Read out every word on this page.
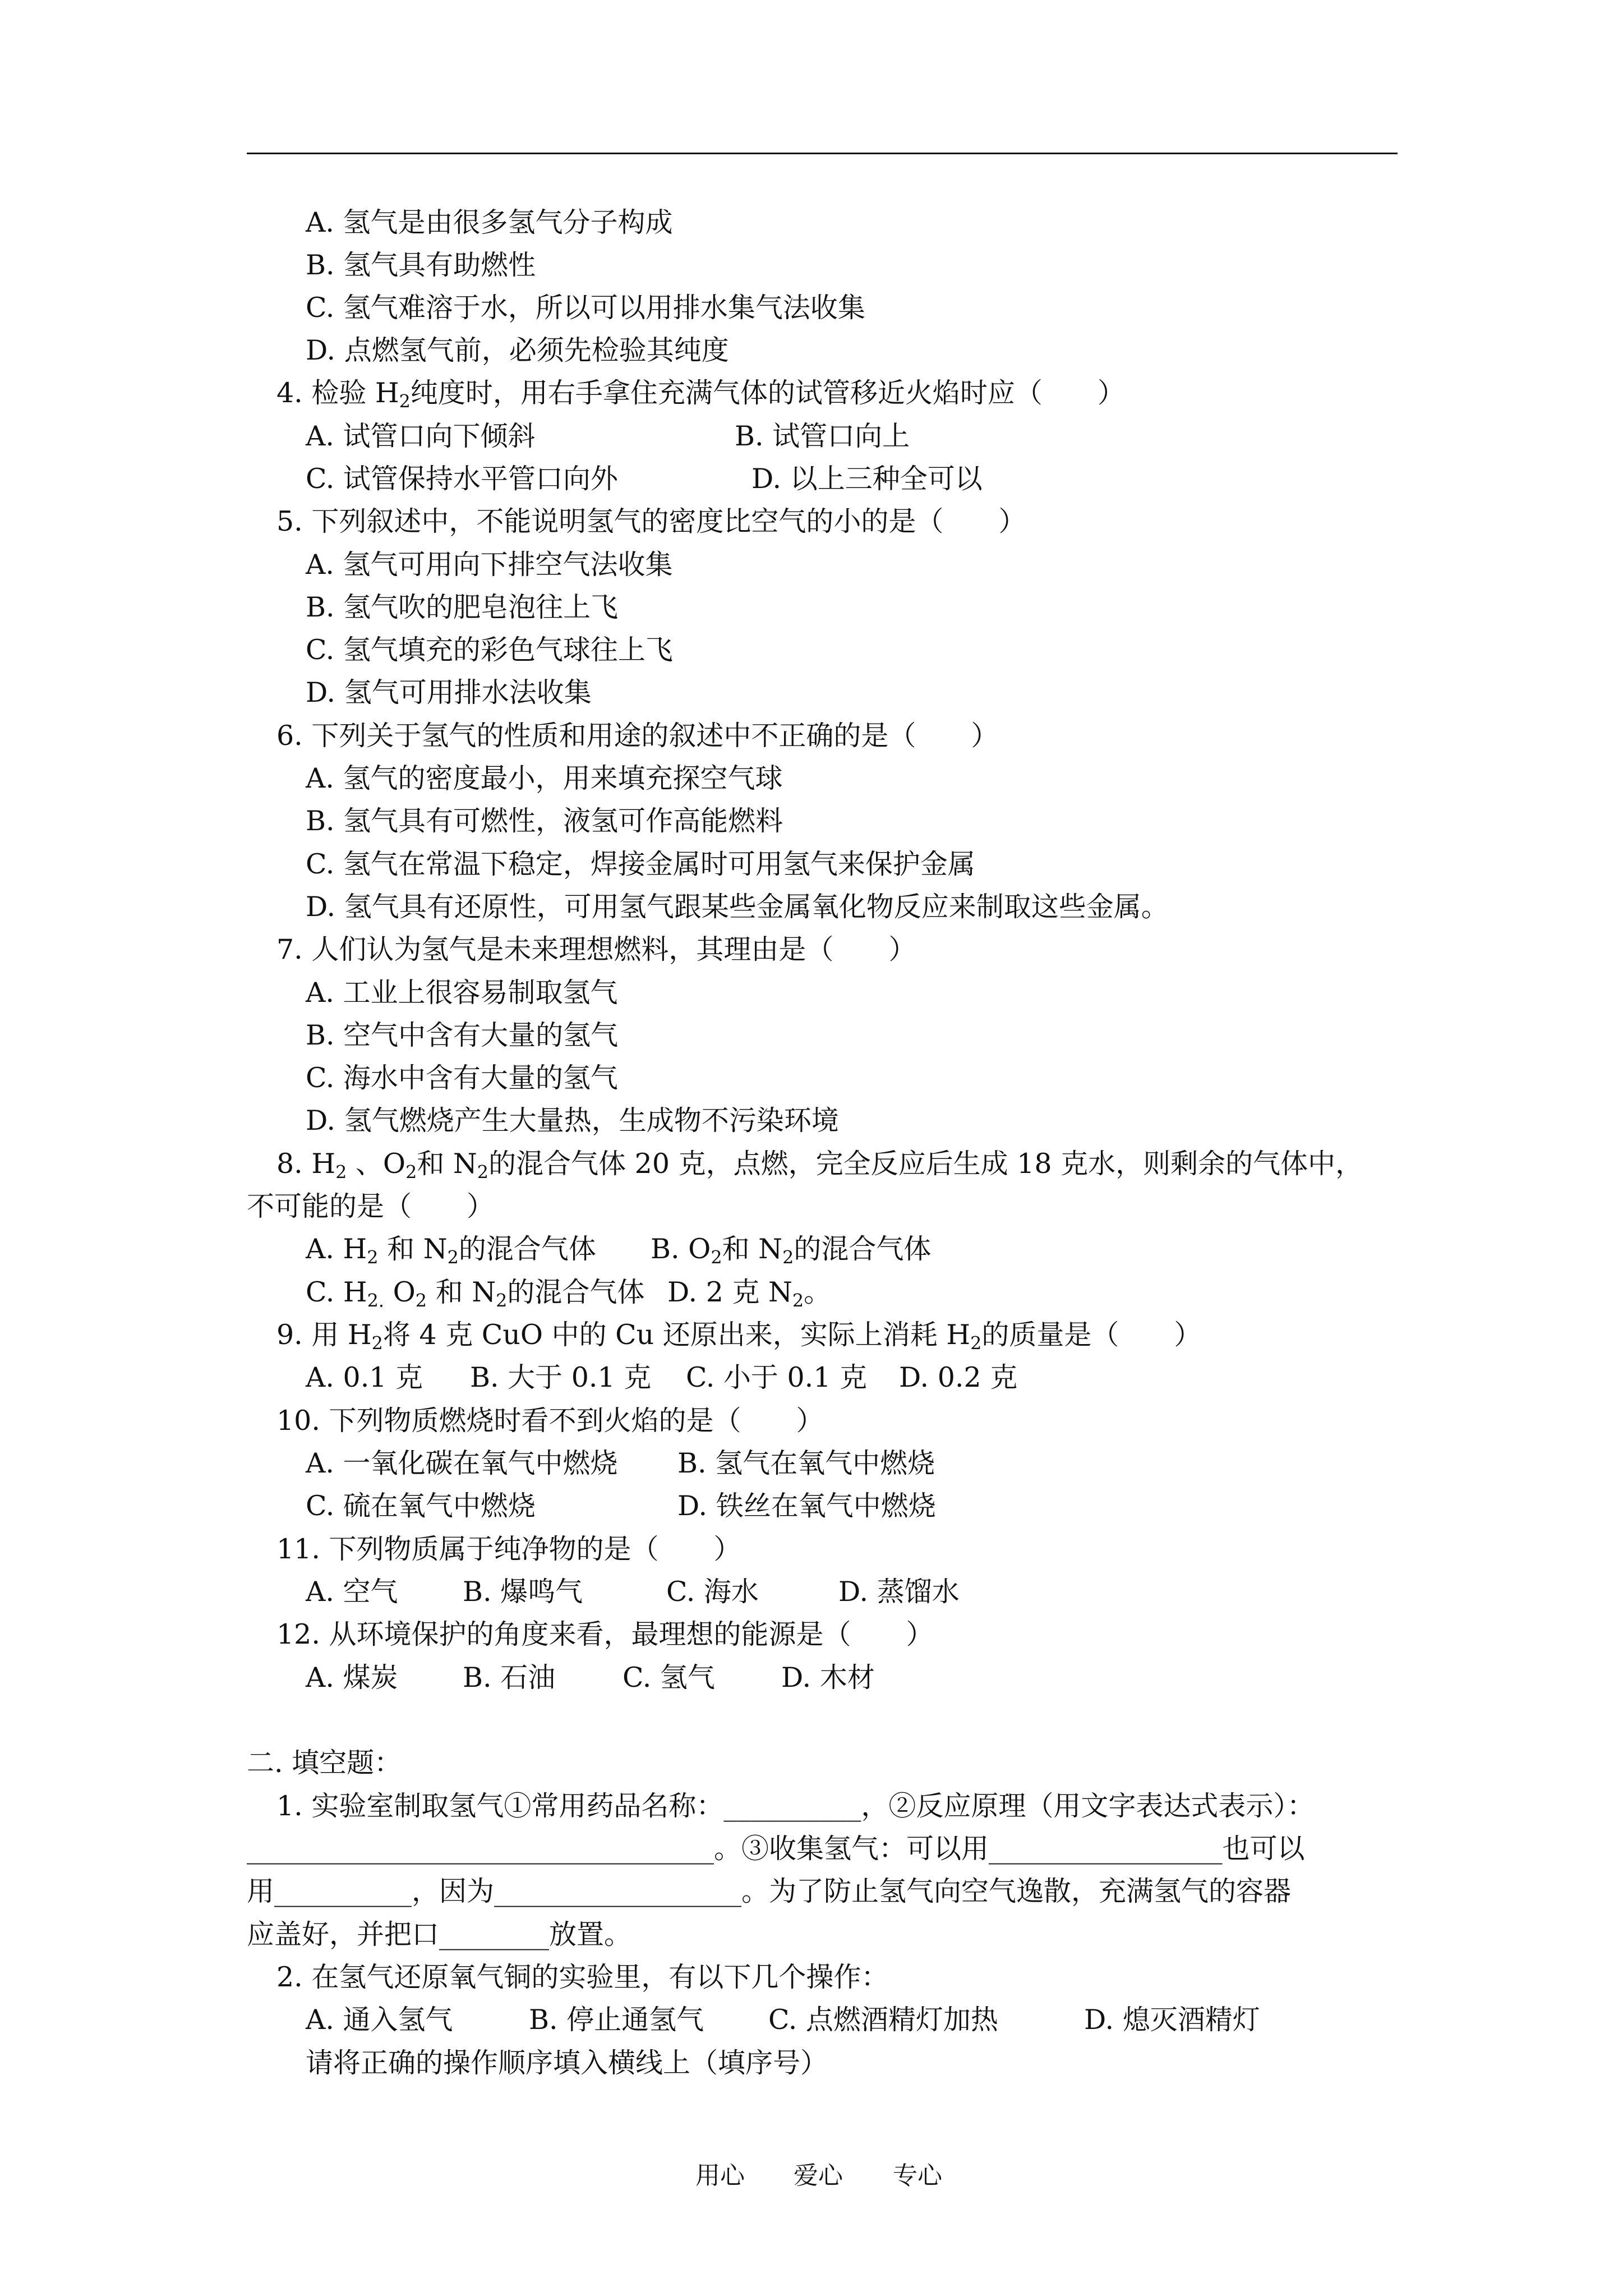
A. 氢气是由很多氢气分子构成
B. 氢气具有助燃性
C. 氢气难溶于水，所以可以用排水集气法收集
D. 点燃氢气前，必须先检验其纯度
4. 检验 $H_2$纯度时，用右手拿住充满气体的试管移近火焰时应（　　）
A. 试管口向下倾斜	B. 试管口向上
C. 试管保持水平管口向外	D. 以上三种全可以
5. 下列叙述中，不能说明氢气的密度比空气的小的是（　　）
A. 氢气可用向下排空气法收集
B. 氢气吹的肥皂泡往上飞
C. 氢气填充的彩色气球往上飞
D. 氢气可用排水法收集
6. 下列关于氢气的性质和用途的叙述中不正确的是（　　）
A. 氢气的密度最小，用来填充探空气球
B. 氢气具有可燃性，液氢可作高能燃料
C. 氢气在常温下稳定，焊接金属时可用氢气来保护金属
D. 氢气具有还原性，可用氢气跟某些金属氧化物反应来制取这些金属。
7. 人们认为氢气是未来理想燃料，其理由是（　　）
A. 工业上很容易制取氢气
B. 空气中含有大量的氢气
C. 海水中含有大量的氢气
D. 氢气燃烧产生大量热，生成物不污染环境
8. $H_2$ 、$O_2$和 $N_2$的混合气体 20 克，点燃，完全反应后生成 18 克水，则剩余的气体中，
不可能的是（　　）
A. $H_2$ 和 $N_2$的混合气体 B. $O_2$和 $N_2$的混合气体
C. $H_{2.}$ $O_2$ 和 $N_2$的混合气体 D. 2 克 $N_2$。
9. 用 $H_2$将 4 克 CuO 中的 Cu 还原出来，实际上消耗 $H_2$的质量是（　　）
A. 0.1 克 B. 大于 0.1 克 C. 小于 0.1 克 D. 0.2 克
10. 下列物质燃烧时看不到火焰的是（　　）
A. 一氧化碳在氧气中燃烧 B. 氢气在氧气中燃烧
C. 硫在氧气中燃烧	D. 铁丝在氧气中燃烧
11. 下列物质属于纯净物的是（　　）
A. 空气 B. 爆鸣气	C. 海水	D. 蒸馏水
12. 从环境保护的角度来看，最理想的能源是（　　）
A. 煤炭 B. 石油 C. 氢气 D. 木材
二. 填空题：
1. 实验室制取氢气①常用药品名称：__________，②反应原理（用文字表达式表示）：
__________________________________。③收集氢气：可以用_________________也可以
用__________，因为__________________。为了防止氢气向空气逸散，充满氢气的容器
应盖好，并把口________放置。
2. 在氢气还原氧气铜的实验里，有以下几个操作：
A. 通入氢气	B. 停止通氢气 C. 点燃酒精灯加热	D. 熄灭酒精灯
请将正确的操作顺序填入横线上（填序号）
用心 爱心 专心
